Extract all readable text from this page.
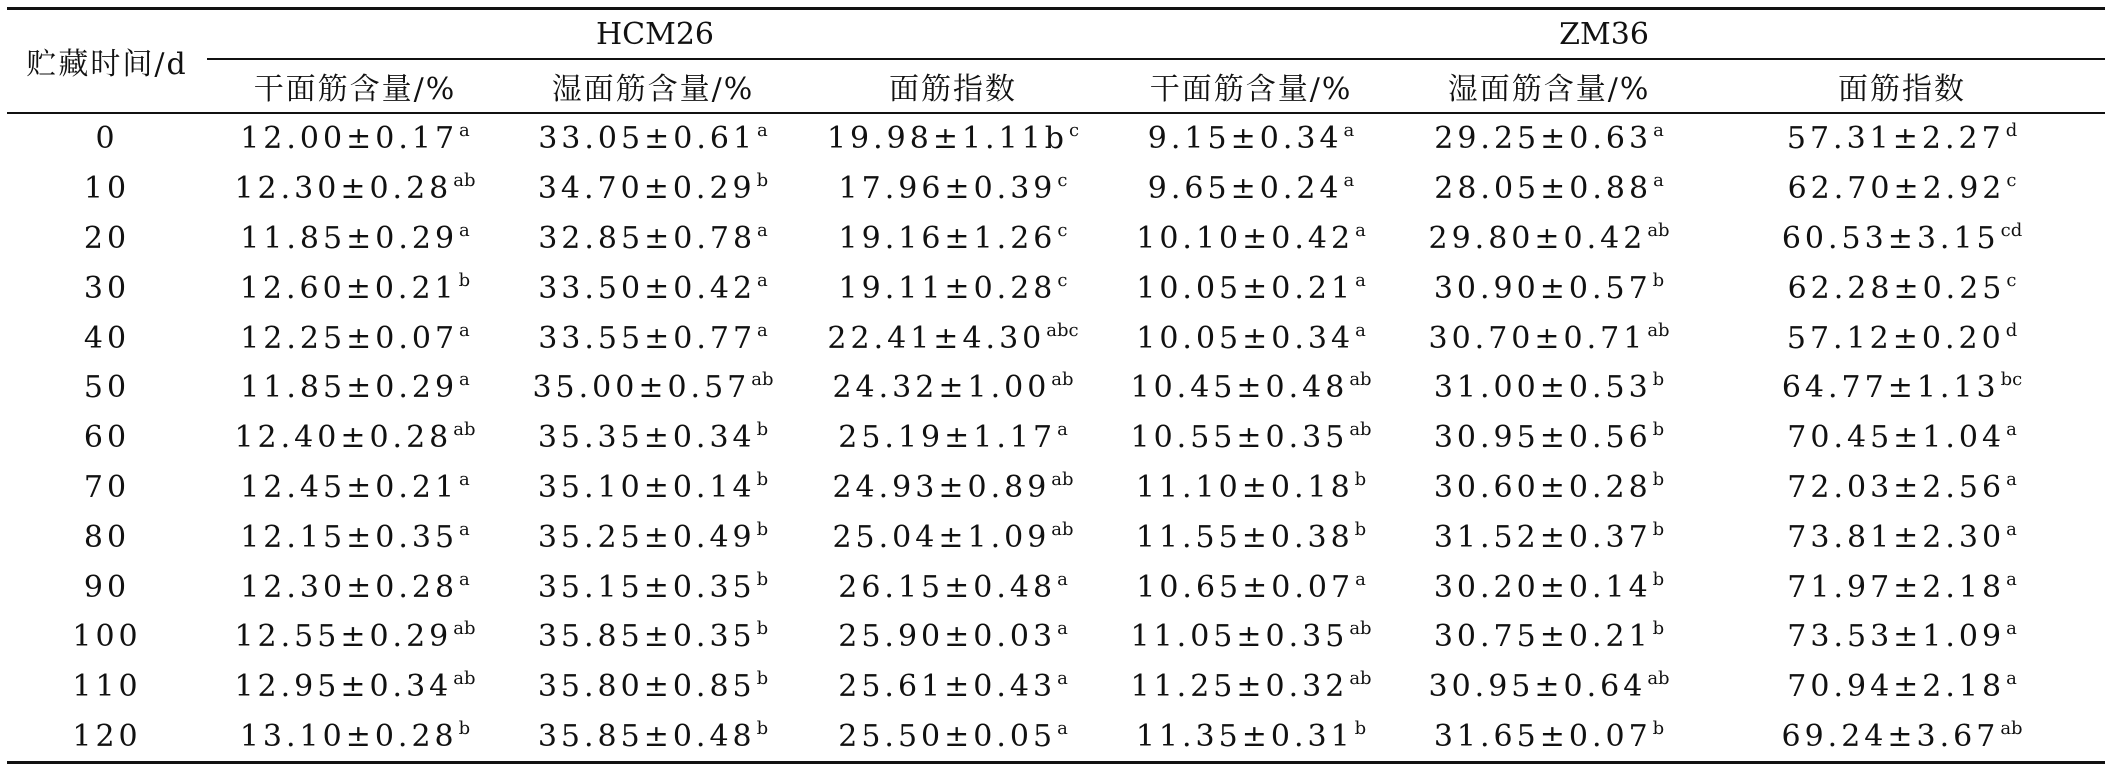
贮藏时间/d	HCM26			ZM36		
	干面筋含量/%	湿面筋含量/%	面筋指数	干面筋含量/%	湿面筋含量/%	面筋指数
0	12.00±0.17$^a$	33.05±0.61$^a$	$19.98\pm 1.11b^c$	9.15±0.34$^a$	29.25±0.63$^a$	57.31±2.27$^d$
10	12.30±0.28$^{ab}$	34.70±0.29$^b$	17.96±0.39$^c$	9.65±0.24$^a$	28.05±0.88$^a$	62.70±2.92$^c$
20	11.85±0.29$^a$	32.85±0.78$^a$	19.16±1.26$^c$	10.10±0.42$^a$	29.80±0.42$^{ab}$	60.53±3.15$^{cd}$
30	12.60±0.21$^b$	33.50±0.42$^a$	19.11±0.28$^c$	10.05±0.21$^a$	30.90±0.57$^b$	62.28±0.25$^c$
40	12.25±0.07$^a$	33.55±0.77$^a$	22.41±4.30$^{abc}$	10.05±0.34$^a$	30.70±0.71$^{ab}$	57.12±0.20$^d$
50	11.85±0.29$^a$	35.00±0.57$^{ab}$	24.32±1.00$^{ab}$	10.45±0.48$^{ab}$	31.00±0.53$^b$	64.77±1.13$^{bc}$
60	12.40±0.28$^{ab}$	35.35±0.34$^b$	25.19±1.17$^a$	10.55±0.35$^{ab}$	30.95±0.56$^b$	70.45±1.04$^a$
70	12.45±0.21$^a$	35.10±0.14$^b$	24.93±0.89$^{ab}$	11.10±0.18$^b$	30.60±0.28$^b$	72.03±2.56$^a$
80	12.15±0.35$^a$	35.25±0.49$^b$	25.04±1.09$^{ab}$	11.55±0.38$^b$	31.52±0.37$^b$	73.81±2.30$^a$
90	12.30±0.28$^a$	35.15±0.35$^b$	26.15±0.48$^a$	10.65±0.07$^a$	30.20±0.14$^b$	71.97±2.18$^a$
100	12.55±0.29$^{ab}$	35.85±0.35$^b$	25.90±0.03$^a$	11.05±0.35$^{ab}$	30.75±0.21$^b$	73.53±1.09$^a$
110	12.95±0.34$^{ab}$	35.80±0.85$^b$	25.61±0.43$^a$	11.25±0.32$^{ab}$	30.95±0.64$^{ab}$	70.94±2.18$^a$
120	13.10±0.28$^b$	35.85±0.48$^b$	25.50±0.05$^a$	11.35±0.31$^b$	31.65±0.07$^b$	69.24±3.67$^{ab}$
